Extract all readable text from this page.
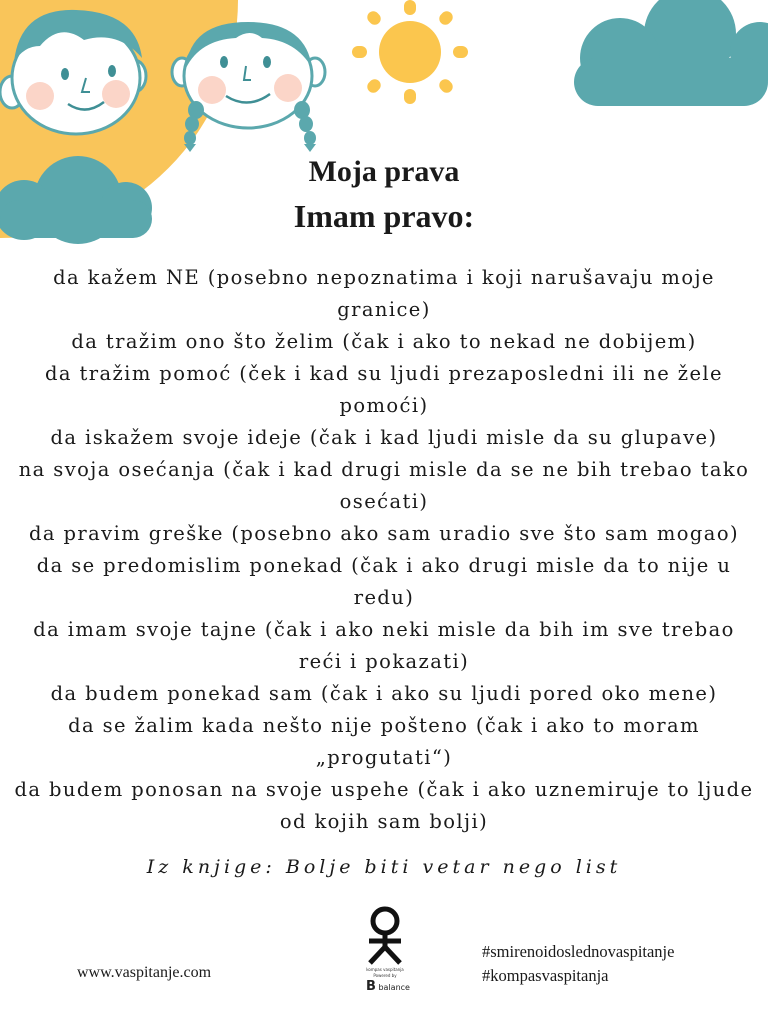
Moja prava
Imam pravo:
da kažem NE (posebno nepoznatima i koji narušavaju moje granice)
da tražim ono što želim (čak i ako to nekad ne dobijem)
da tražim pomoć (ček i kad su ljudi prezaposledni ili ne žele pomoći)
da iskažem svoje ideje (čak i kad ljudi misle da su glupave)
na svoja osećanja (čak i kad drugi misle da se ne bih trebao tako osećati)
da pravim greške (posebno ako sam uradio sve što sam mogao)
da se predomislim ponekad (čak i ako drugi misle da to nije u redu)
da imam svoje tajne (čak i ako neki misle da bih im sve trebao reći i pokazati)
da budem ponekad sam (čak i ako su ljudi pored oko mene)
da se žalim kada nešto nije pošteno (čak i ako to moram „progutati“)
da budem ponosan na svoje uspehe (čak i ako uznemiruje to ljude od kojih sam bolji)

Iz knjige: Bolje biti vetar nego list

www.vaspitanje.com	kompas vaspitanja
Powered by
B balance
#smirenoidoslednovaspitanje
#kompasvaspitanja
